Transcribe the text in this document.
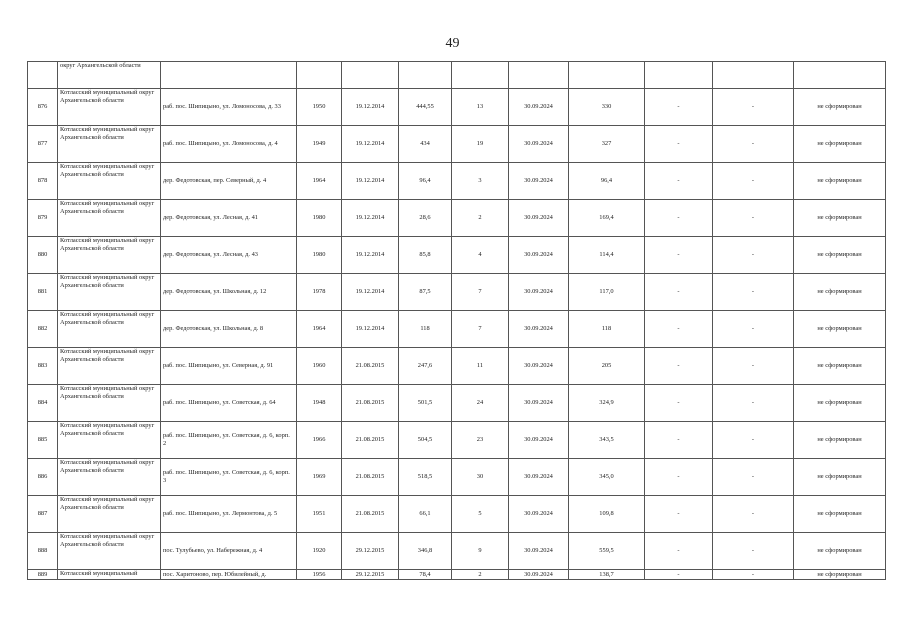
49
	округ Архангельской области										
876	Котласский муниципальный округ Архангельской области	раб. пос. Шипицыно, ул. Ломоносова, д. 33	1950	19.12.2014	444,55	13	30.09.2024	330	-	-	не сформирован
877	Котласский муниципальный округ Архангельской области	раб. пос. Шипицыно, ул. Ломоносова, д. 4	1949	19.12.2014	434	19	30.09.2024	327	-	-	не сформирован
878	Котласский муниципальный округ Архангельской области	дер. Федотовская, пер. Северный, д. 4	1964	19.12.2014	96,4	3	30.09.2024	96,4	-	-	не сформирован
879	Котласский муниципальный округ Архангельской области	дер. Федотовская, ул. Лесная, д. 41	1980	19.12.2014	28,6	2	30.09.2024	169,4	-	-	не сформирован
880	Котласский муниципальный округ Архангельской области	дер. Федотовская, ул. Лесная, д. 43	1980	19.12.2014	85,8	4	30.09.2024	114,4	-	-	не сформирован
881	Котласский муниципальный округ Архангельской области	дер. Федотовская, ул. Школьная, д. 12	1978	19.12.2014	87,5	7	30.09.2024	117,0	-	-	не сформирован
882	Котласский муниципальный округ Архангельской области	дер. Федотовская, ул. Школьная, д. 8	1964	19.12.2014	118	7	30.09.2024	118	-	-	не сформирован
883	Котласский муниципальный округ Архангельской области	раб. пос. Шипицыно, ул. Северная, д. 91	1960	21.08.2015	247,6	11	30.09.2024	205	-	-	не сформирован
884	Котласский муниципальный округ Архангельской области	раб. пос. Шипицыно, ул. Советская, д. 64	1948	21.08.2015	501,5	24	30.09.2024	324,9	-	-	не сформирован
885	Котласский муниципальный округ Архангельской области	раб. пос. Шипицыно, ул. Советская, д. 6, корп. 2	1966	21.08.2015	504,5	23	30.09.2024	343,5	-	-	не сформирован
886	Котласский муниципальный округ Архангельской области	раб. пос. Шипицыно, ул. Советская, д. 6, корп. 3	1969	21.08.2015	518,5	30	30.09.2024	345,0	-	-	не сформирован
887	Котласский муниципальный округ Архангельской области	раб. пос. Шипицыно, ул. Лермонтова, д. 5	1951	21.08.2015	66,1	5	30.09.2024	109,8	-	-	не сформирован
888	Котласский муниципальный округ Архангельской области	пос. Тулубьево, ул. Набережная, д. 4	1920	29.12.2015	346,8	9	30.09.2024	559,5	-	-	не сформирован
889	Котласский муниципальный	пос. Харитоново, пер. Юбилейный, д.	1956	29.12.2015	78,4	2	30.09.2024	138,7	-	-	не сформирован
